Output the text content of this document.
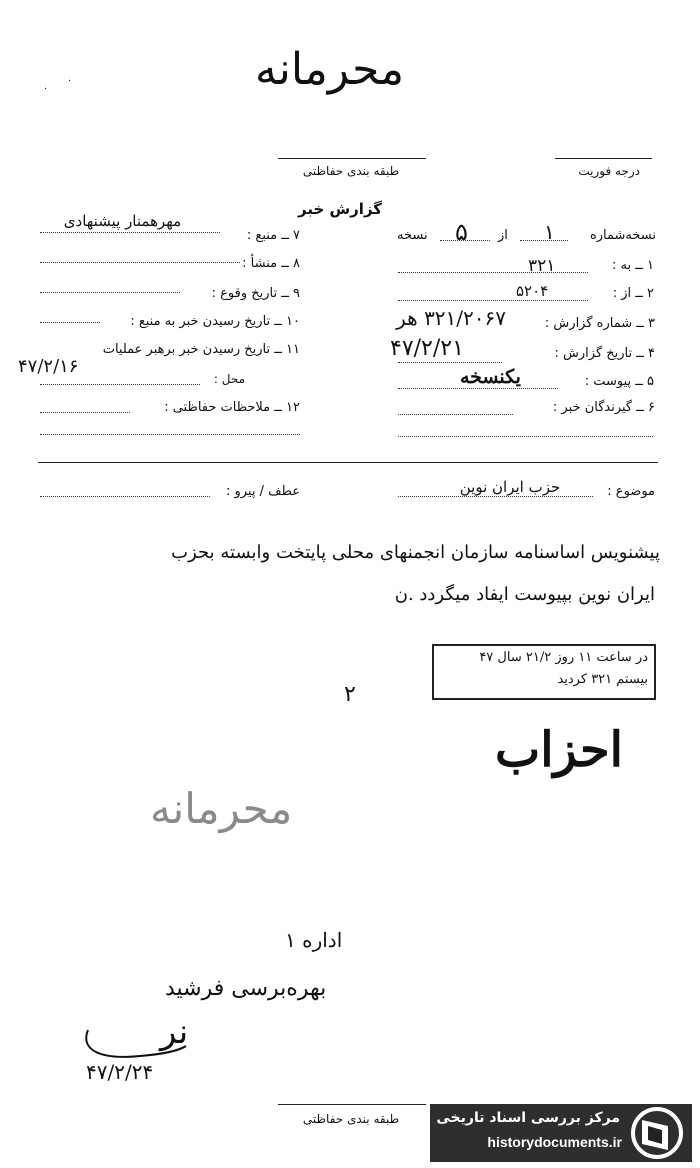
محرمانه
·
·
طبقه بندی حفاظتی	درجه فوریت
گزارش خبر
نسخه‌شماره
۱
از
۵
نسخه
۱ ــ به :
۳۲۱
۲ ــ از :
۵۲۰۴
۳ ــ شماره گزارش :
۳۲۱/۲۰۶۷ هر
۴ ــ تاریخ گزارش :
۴۷/۲/۲۱
۵ ــ پیوست :
یکنسخه
۶ ــ گیرندگان خبر :
مهرهمنار پیشنهادی
۷ ــ منبع :
۸ ــ منشأ :
۹ ــ تاریخ وقوع :
۱۰ ــ تاریخ رسیدن خبر به منبع :
۱۱ ــ تاریخ رسیدن خبر برهبر عملیات
۴۷/۲/۱۶
محل :
۱۲ ــ ملاحظات حفاظتی :
موضوع :
حزب ایران نوین
عطف / پیرو :
پیشنویس اساسنامه سازمان انجمنهای محلی پایتخت وابسته بحزب
ایران نوین بپیوست ایفاد میگردد .ن
در ساعت ۱۱ روز ۲۱/۲ سال ۴۷
بیستم ۳۲۱ کردید
۲
احزاب
محرمانه
اداره ۱
بهره‌برسی فرشید
نر
۴۷/۲/۲۴
طبقه بندی حفاظتی	مرکز بررسی اسناد تاریخی
historydocuments.ir
